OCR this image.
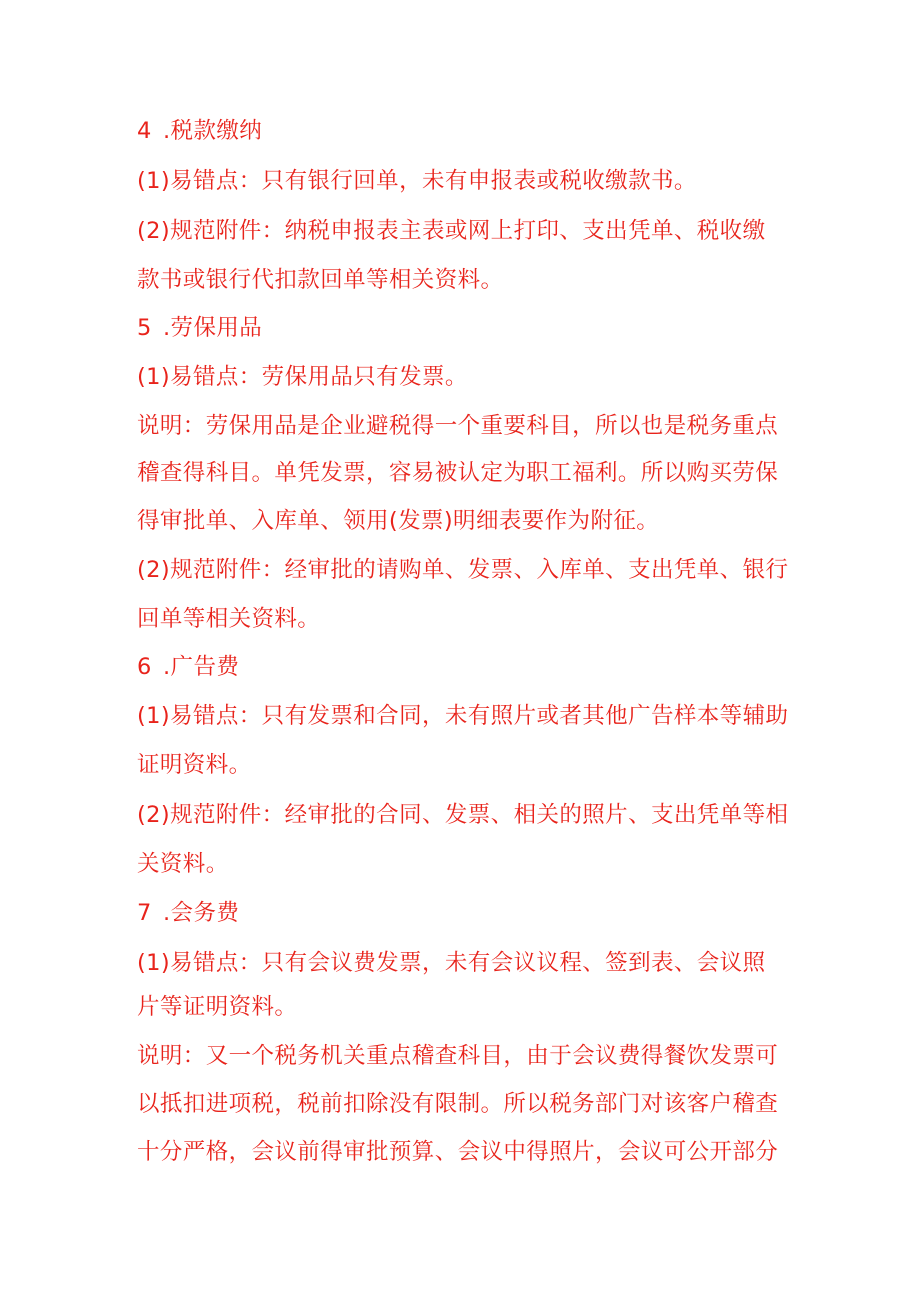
4 .税款缴纳
(1)易错点：只有银行回单，未有申报表或税收缴款书。
(2)规范附件：纳税申报表主表或网上打印、支出凭单、税收缴
款书或银行代扣款回单等相关资料。
5 .劳保用品
(1)易错点：劳保用品只有发票。
说明：劳保用品是企业避税得一个重要科目，所以也是税务重点
稽查得科目。单凭发票，容易被认定为职工福利。所以购买劳保
得审批单、入库单、领用(发票)明细表要作为附征。
(2)规范附件：经审批的请购单、发票、入库单、支出凭单、银行
回单等相关资料。
6 .广告费
(1)易错点：只有发票和合同，未有照片或者其他广告样本等辅助
证明资料。
(2)规范附件：经审批的合同、发票、相关的照片、支出凭单等相
关资料。
7 .会务费
(1)易错点：只有会议费发票，未有会议议程、签到表、会议照
片等证明资料。
说明：又一个税务机关重点稽查科目，由于会议费得餐饮发票可
以抵扣进项税，税前扣除没有限制。所以税务部门对该客户稽查
十分严格，会议前得审批预算、会议中得照片，会议可公开部分
